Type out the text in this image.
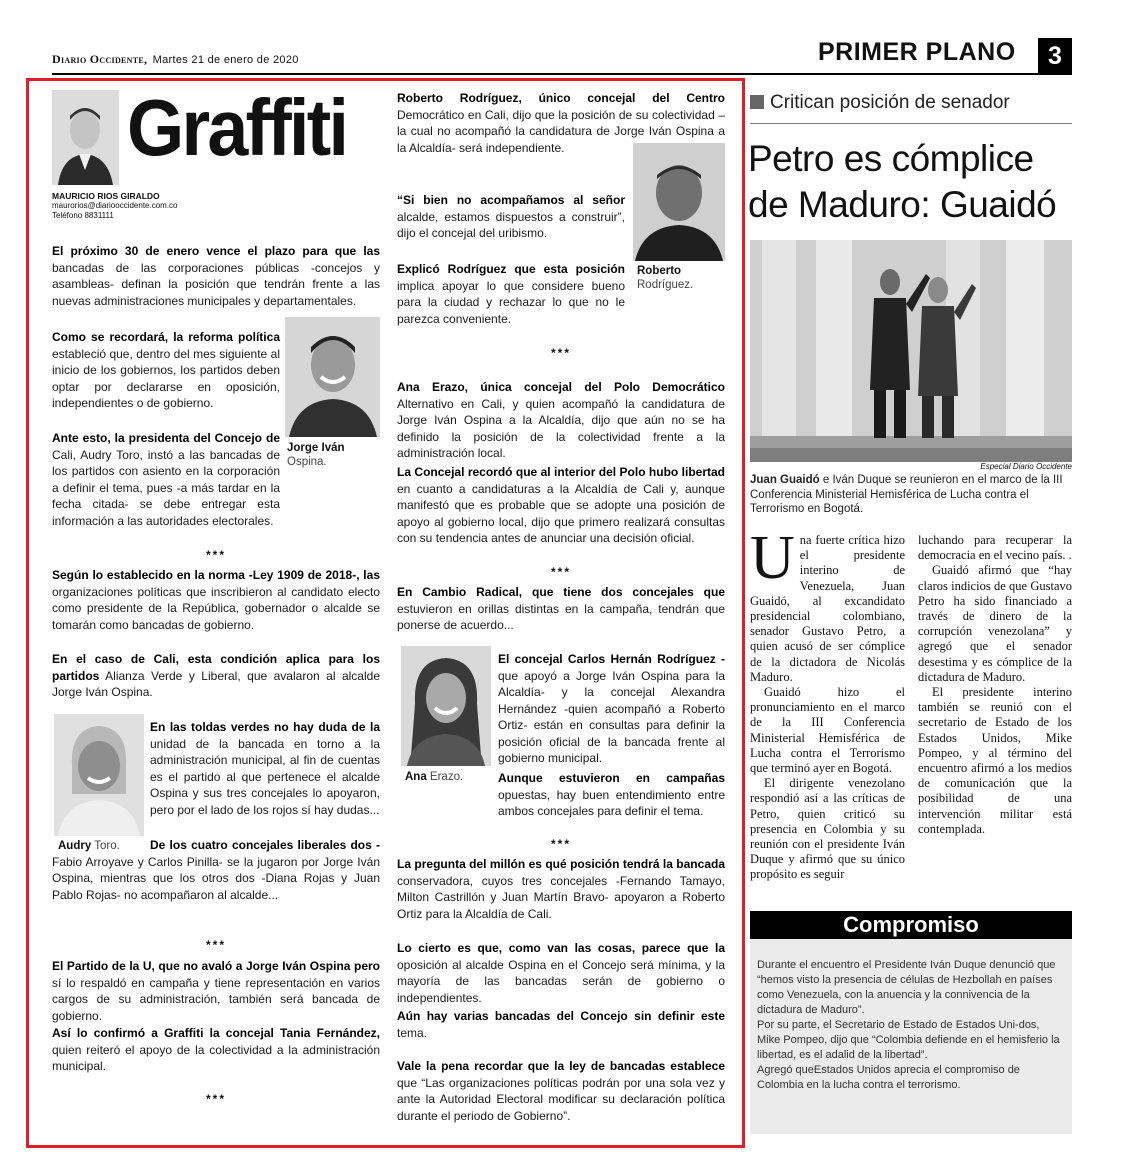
Diario Occidente, Martes 21 de enero de 2020	PRIMER PLANO	3
Graffiti
MAURICIO RIOS GIRALDO
maurorios@diariooccidente.com.co
Teléfono 8831111
El próximo 30 de enero vence el plazo para que las bancadas de las corporaciones públicas -concejos y asambleas- definan la posición que tendrán frente a las nuevas administraciones municipales y departamentales.
Como se recordará, la reforma política estableció que, dentro del mes siguiente al inicio de los gobiernos, los partidos deben optar por declararse en oposición, independientes o de gobierno.
Jorge Iván
Ospina.
Ante esto, la presidenta del Concejo de Cali, Audry Toro, instó a las bancadas de los partidos con asiento en la corporación a definir el tema, pues -a más tardar en la fecha citada- se debe entregar esta información a las autoridades electorales.
***
Según lo establecido en la norma -Ley 1909 de 2018-, las organizaciones políticas que inscribieron al candidato electo como presidente de la República, gobernador o alcalde se tomarán como bancadas de gobierno.
En el caso de Cali, esta condición aplica para los partidos Alianza Verde y Liberal, que avalaron al alcalde Jorge Iván Ospina.
Audry Toro.
En las toldas verdes no hay duda de la unidad de la bancada en torno a la administración municipal, al fin de cuentas es el partido al que pertenece el alcalde Ospina y sus tres concejales lo apoyaron, pero por el lado de los rojos sí hay dudas...
De los cuatro concejales liberales dos - Fabio Arroyave y Carlos Pinilla- se la jugaron por Jorge Iván Ospina, mientras que los otros dos -Diana Rojas y Juan Pablo Rojas- no acompañaron al alcalde...
***
El Partido de la U, que no avaló a Jorge Iván Ospina pero sí lo respaldó en campaña y tiene representación en varios cargos de su administración, también será bancada de gobierno.
Así lo confirmó a Graffiti la concejal Tania Fernández, quien reiteró el apoyo de la colectividad a la administración municipal.
***
Roberto Rodríguez, único concejal del Centro Democrático en Cali, dijo que la posición de su colectividad – la cual no acompañó la candidatura de Jorge Iván Ospina a la Alcaldía- será independiente.
“Si bien no acompañamos al señor alcalde, estamos dispuestos a construir”, dijo el concejal del uribismo.
Roberto
Rodríguez.
Explicó Rodríguez que esta posición implica apoyar lo que considere bueno para la ciudad y rechazar lo que no le parezca conveniente.
***
Ana Erazo, única concejal del Polo Democrático Alternativo en Cali, y quien acompañó la candidatura de Jorge Iván Ospina a la Alcaldía, dijo que aún no se ha definido la posición de la colectividad frente a la administración local.
La Concejal recordó que al interior del Polo hubo libertad en cuanto a candidaturas a la Alcaldía de Cali y, aunque manifestó que es probable que se adopte una posición de apoyo al gobierno local, dijo que primero realizará consultas con su tendencia antes de anunciar una decisión oficial.
***
En Cambio Radical, que tiene dos concejales que estuvieron en orillas distintas en la campaña, tendrán que ponerse de acuerdo...
Ana Erazo.
El concejal Carlos Hernán Rodríguez -que apoyó a Jorge Iván Ospina para la Alcaldía- y la concejal Alexandra Hernández -quien acompañó a Roberto Ortiz- están en consultas para definir la posición oficial de la bancada frente al gobierno municipal.
Aunque estuvieron en campañas opuestas, hay buen entendimiento entre ambos concejales para definir el tema.
***
La pregunta del millón es qué posición tendrá la bancada conservadora, cuyos tres concejales -Fernando Tamayo, Milton Castrillón y Juan Martín Bravo- apoyaron a Roberto Ortiz para la Alcaldía de Cali.
Lo cierto es que, como van las cosas, parece que la oposición al alcalde Ospina en el Concejo será mínima, y la mayoría de las bancadas serán de gobierno o independientes.
Aún hay varias bancadas del Concejo sin definir este tema.
Vale la pena recordar que la ley de bancadas establece que “Las organizaciones políticas podrán por una sola vez y ante la Autoridad Electoral modificar su declaración política durante el periodo de Gobierno”.
Critican posición de senador
Petro es cómplice de Maduro: Guaidó
Especial Diario Occidente
Juan Guaidó e Iván Duque se reunieron en el marco de la III Conferencia Ministerial Hemisférica de Lucha contra el Terrorismo en Bogotá.

Una fuerte crítica hizo el presidente interino de Venezuela, Juan Guaidó, al excandidato presidencial colombiano, senador Gustavo Petro, a quien acusó de ser cómplice de la dictadora de Nicolás Maduro.

Guaidó hizo el pronunciamiento en el marco de la III Conferencia Ministerial Hemisférica de Lucha contra el Terrorismo que terminó ayer en Bogotá.

El dirigente venezolano respondió así a las críticas de Petro, quien criticó su presencia en Colombia y su reunión con el presidente Iván Duque y afirmó que su único propósito es seguir

luchando para recuperar la democracia en el vecino país. .

Guaidó afirmó que “hay claros indicios de que Gustavo Petro ha sido financiado a través de dinero de la corrupción venezolana” y agregó que el senador desestima y es cómplice de la dictadura de Maduro.

El presidente interino también se reunió con el secretario de Estado de los Estados Unidos, Mike Pompeo, y al término del encuentro afirmó a los medios de comunicación que la posibilidad de una intervención militar está contemplada.

Compromiso

Durante el encuentro el Presidente Iván Duque denunció que “hemos visto la presencia de células de Hezbollah en países como Venezuela, con la anuencia y la connivencia de la dictadura de Maduro”.

Por su parte, el Secretario de Estado de Estados Uni-dos, Mike Pompeo, dijo que “Colombia defiende en el hemisferio la libertad, es el adalid de la libertad”.

Agregó queEstados Unidos aprecia el compromiso de Colombia en la lucha contra el terrorismo.
